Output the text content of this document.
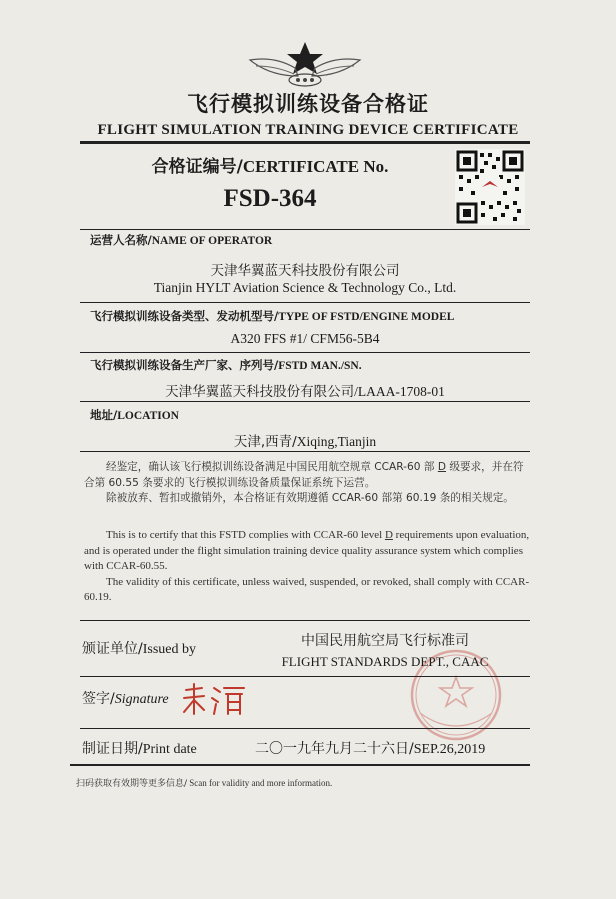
飞行模拟训练设备合格证
FLIGHT SIMULATION TRAINING DEVICE CERTIFICATE
合格证编号/CERTIFICATE No.
FSD-364
运营人名称/NAME OF OPERATOR
天津华翼蓝天科技股份有限公司
Tianjin HYLT Aviation Science & Technology Co., Ltd.
飞行模拟训练设备类型、发动机型号/TYPE OF FSTD/ENGINE MODEL
A320 FFS #1/ CFM56-5B4
飞行模拟训练设备生产厂家、序列号/FSTD MAN./SN.
天津华翼蓝天科技股份有限公司/LAAA-1708-01
地址/LOCATION
天津,西青/Xiqing,Tianjin

经鉴定，确认该飞行模拟训练设备满足中国民用航空规章 CCAR-60 部 D 级要求，并在符合第 60.55 条要求的飞行模拟训练设备质量保证系统下运营。

除被放弃、暂扣或撤销外，本合格证有效期遵循 CCAR-60 部第 60.19 条的相关规定。

This is to certify that this FSTD complies with CCAR-60 level D requirements upon evaluation, and is operated under the flight simulation training device quality assurance system which complies with CCAR-60.55.

The validity of this certificate, unless waived, suspended, or revoked, shall comply with CCAR-60.19.

颁证单位/Issued by
中国民用航空局飞行标准司
FLIGHT STANDARDS DEPT., CAAC
签字/Signature
制证日期/Print date	二〇一九年九月二十六日/SEP.26,2019
扫码获取有效期等更多信息/ Scan for validity and more information.
